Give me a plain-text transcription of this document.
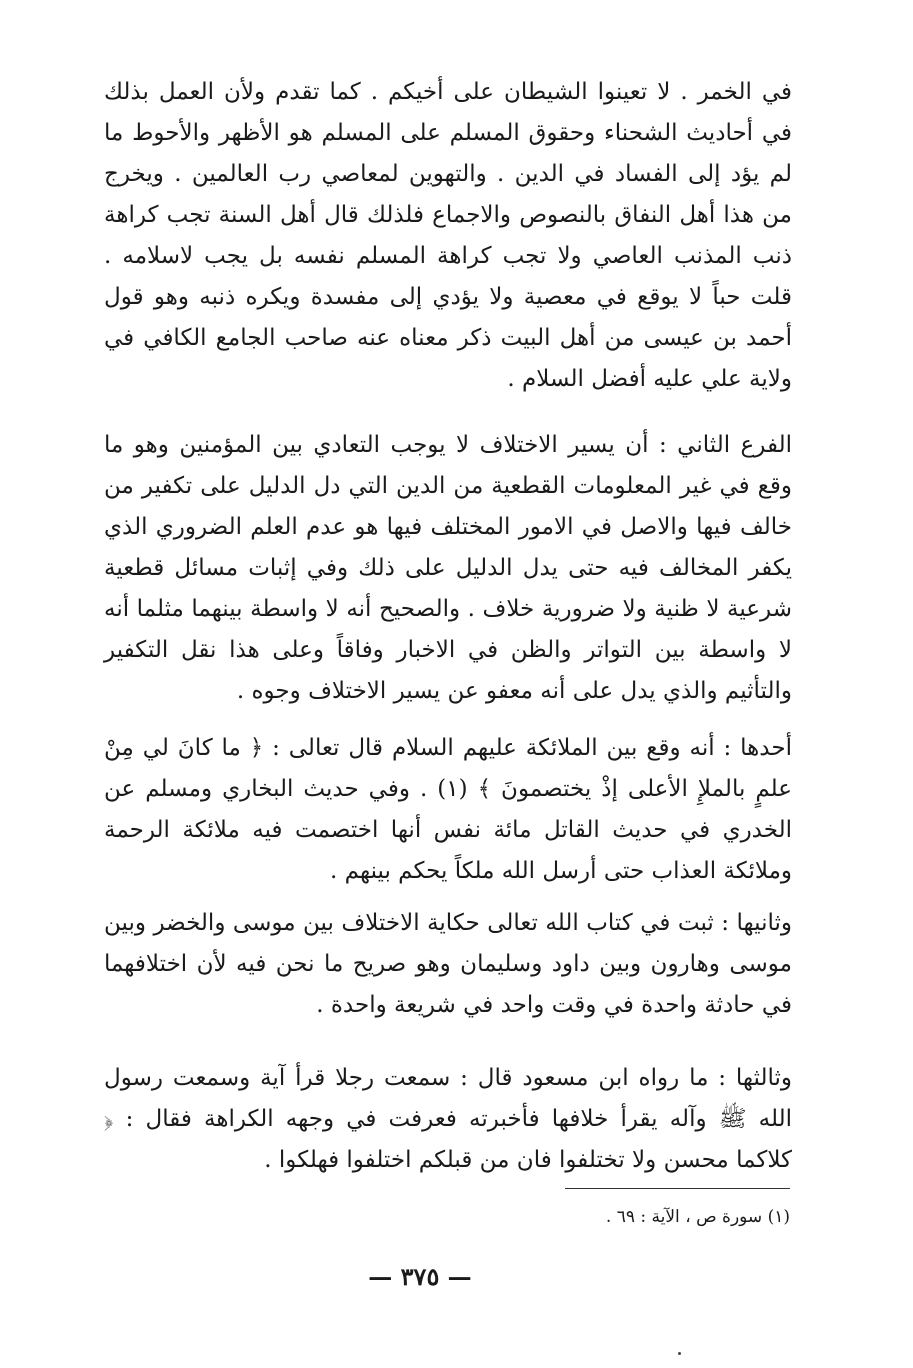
في الخمر . لا تعينوا الشيطان على أخيكم . كما تقدم ولأن العمل بذلك في أحاديث الشحناء وحقوق المسلم على المسلم هو الأظهر والأحوط ما لم يؤد إلى الفساد في الدين . والتهوين لمعاصي رب العالمين . ويخرج من هذا أهل النفاق بالنصوص والاجماع فلذلك قال أهل السنة تجب كراهة ذنب المذنب العاصي ولا تجب كراهة المسلم نفسه بل يجب لاسلامه . قلت حباً لا يوقع في معصية ولا يؤدي إلى مفسدة ويكره ذنبه وهو قول أحمد بن عيسى من أهل البيت ذكر معناه عنه صاحب الجامع الكافي في ولاية علي عليه أفضل السلام .

الفرع الثاني : أن يسير الاختلاف لا يوجب التعادي بين المؤمنين وهو ما وقع في غير المعلومات القطعية من الدين التي دل الدليل على تكفير من خالف فيها والاصل في الامور المختلف فيها هو عدم العلم الضروري الذي يكفر المخالف فيه حتى يدل الدليل على ذلك وفي إثبات مسائل قطعية شرعية لا ظنية ولا ضرورية خلاف . والصحيح أنه لا واسطة بينهما مثلما أنه لا واسطة بين التواتر والظن في الاخبار وفاقاً وعلى هذا نقل التكفير والتأثيم والذي يدل على أنه معفو عن يسير الاختلاف وجوه .

أحدها : أنه وقع بين الملائكة عليهم السلام قال تعالى : ﴿ ما كانَ لي مِنْ علمٍ بالملإِ الأعلى إذْ يختصمونَ ﴾ (١) . وفي حديث البخاري ومسلم عن الخدري في حديث القاتل مائة نفس أنها اختصمت فيه ملائكة الرحمة وملائكة العذاب حتى أرسل الله ملكاً يحكم بينهم .

وثانيها : ثبت في كتاب الله تعالى حكاية الاختلاف بين موسى والخضر وبين موسى وهارون وبين داود وسليمان وهو صريح ما نحن فيه لأن اختلافهما في حادثة واحدة في وقت واحد في شريعة واحدة .

وثالثها : ما رواه ابن مسعود قال : سمعت رجلا قرأ آية وسمعت رسول الله ﷺ وآله يقرأ خلافها فأخبرته فعرفت في وجهه الكراهة فقال : ﴿ كلاكما محسن ولا تختلفوا فان من قبلكم اختلفوا فهلكوا .

(١) سورة ص ، الآية : ٦٩ .

— ٣٧٥ —
